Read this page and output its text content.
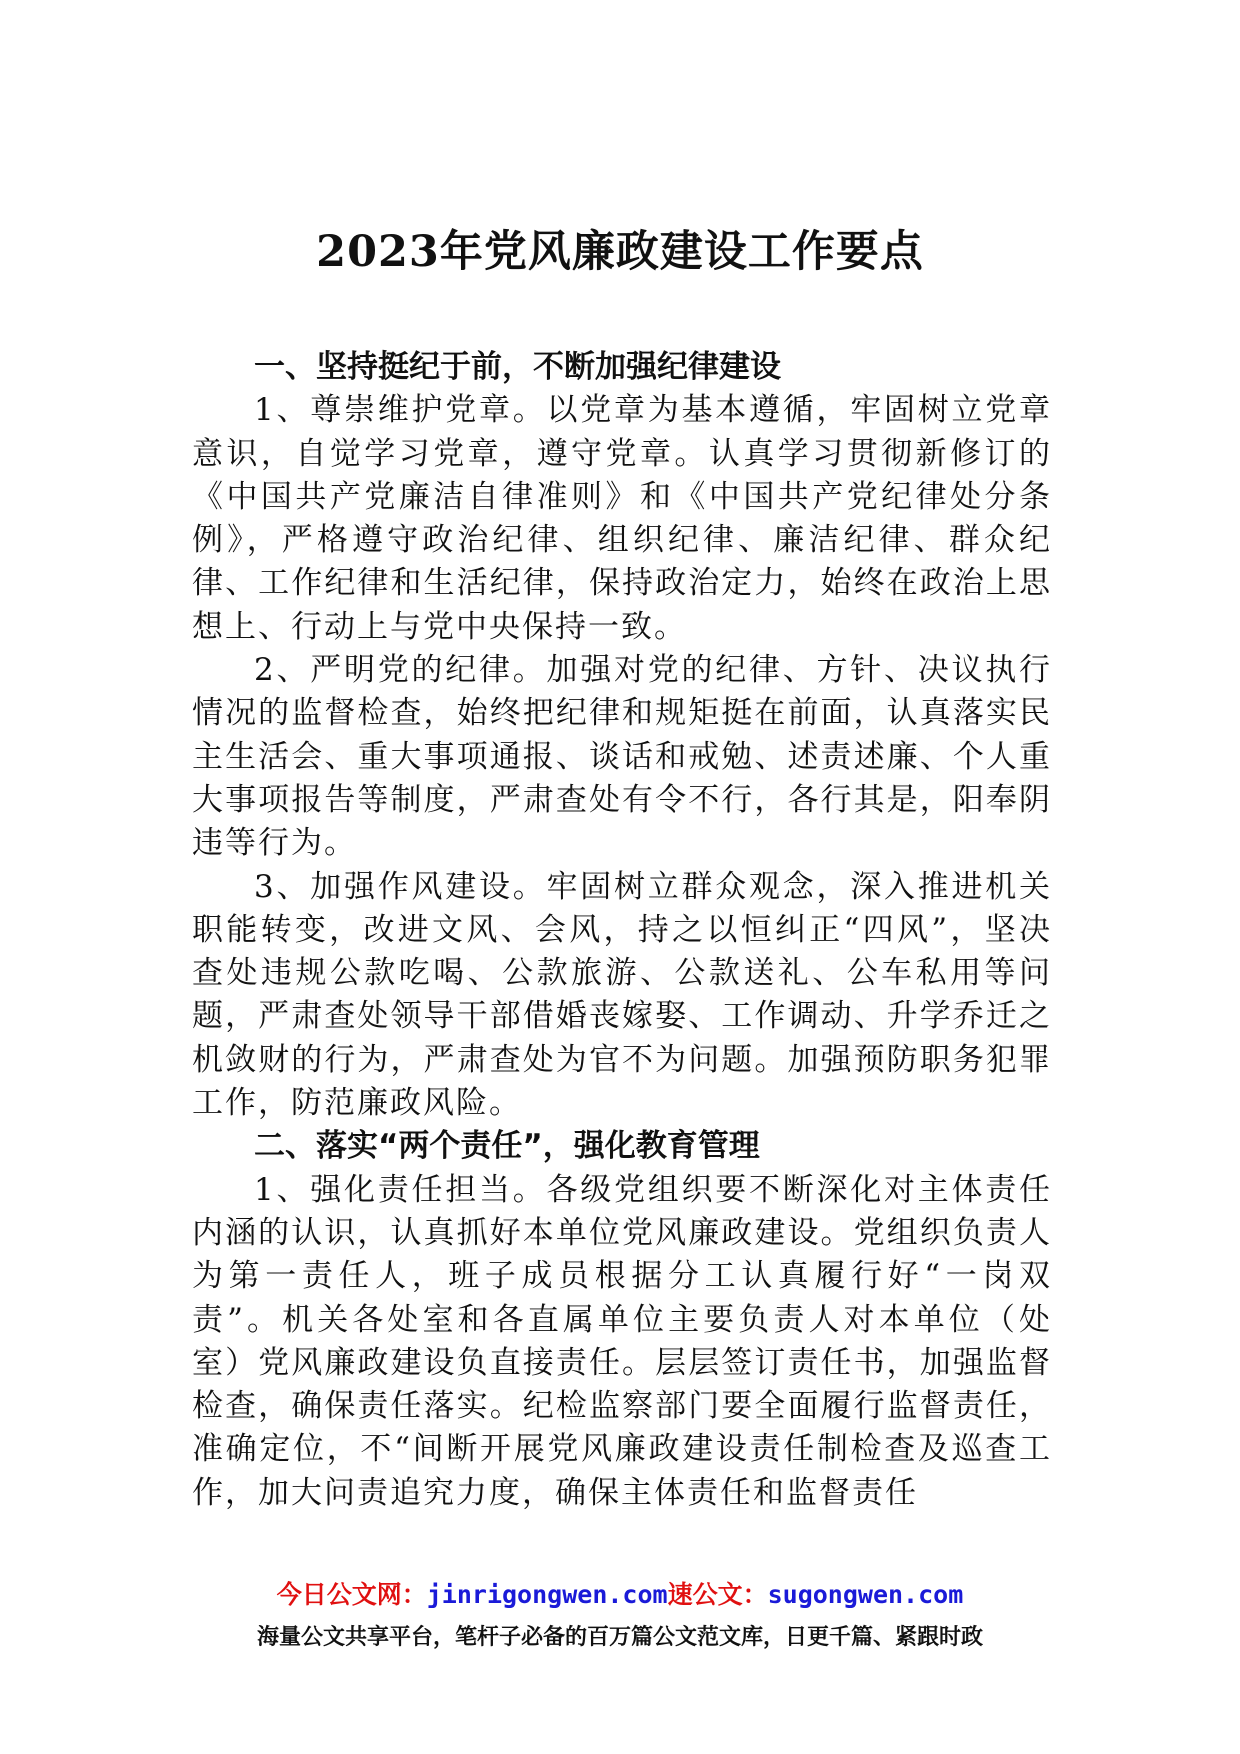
2023年党风廉政建设工作要点
一、坚持挺纪于前，不断加强纪律建设

1、尊崇维护党章。以党章为基本遵循，牢固树立党章意识，自觉学习党章，遵守党章。认真学习贯彻新修订的《中国共产党廉洁自律准则》和《中国共产党纪律处分条例》，严格遵守政治纪律、组织纪律、廉洁纪律、群众纪律、工作纪律和生活纪律，保持政治定力，始终在政治上思想上、行动上与党中央保持一致。

2、严明党的纪律。加强对党的纪律、方针、决议执行情况的监督检查，始终把纪律和规矩挺在前面，认真落实民主生活会、重大事项通报、谈话和戒勉、述责述廉、个人重大事项报告等制度，严肃查处有令不行，各行其是，阳奉阴违等行为。

3、加强作风建设。牢固树立群众观念，深入推进机关职能转变，改进文风、会风，持之以恒纠正“四风”，坚决查处违规公款吃喝、公款旅游、公款送礼、公车私用等问题，严肃查处领导干部借婚丧嫁娶、工作调动、升学乔迁之机敛财的行为，严肃查处为官不为问题。加强预防职务犯罪工作，防范廉政风险。

二、落实“两个责任”，强化教育管理

1、强化责任担当。各级党组织要不断深化对主体责任内涵的认识，认真抓好本单位党风廉政建设。党组织负责人为第一责任人，班子成员根据分工认真履行好“一岗双责”。机关各处室和各直属单位主要负责人对本单位（处室）党风廉政建设负直接责任。层层签订责任书，加强监督检查，确保责任落实。纪检监察部门要全面履行监督责任，准确定位，不“间断开展党风廉政建设责任制检查及巡查工作，加大问责追究力度，确保主体责任和监督责任

今日公文网：jinrigongwen.com速公文：sugongwen.com
海量公文共享平台，笔杆子必备的百万篇公文范文库，日更千篇、紧跟时政
